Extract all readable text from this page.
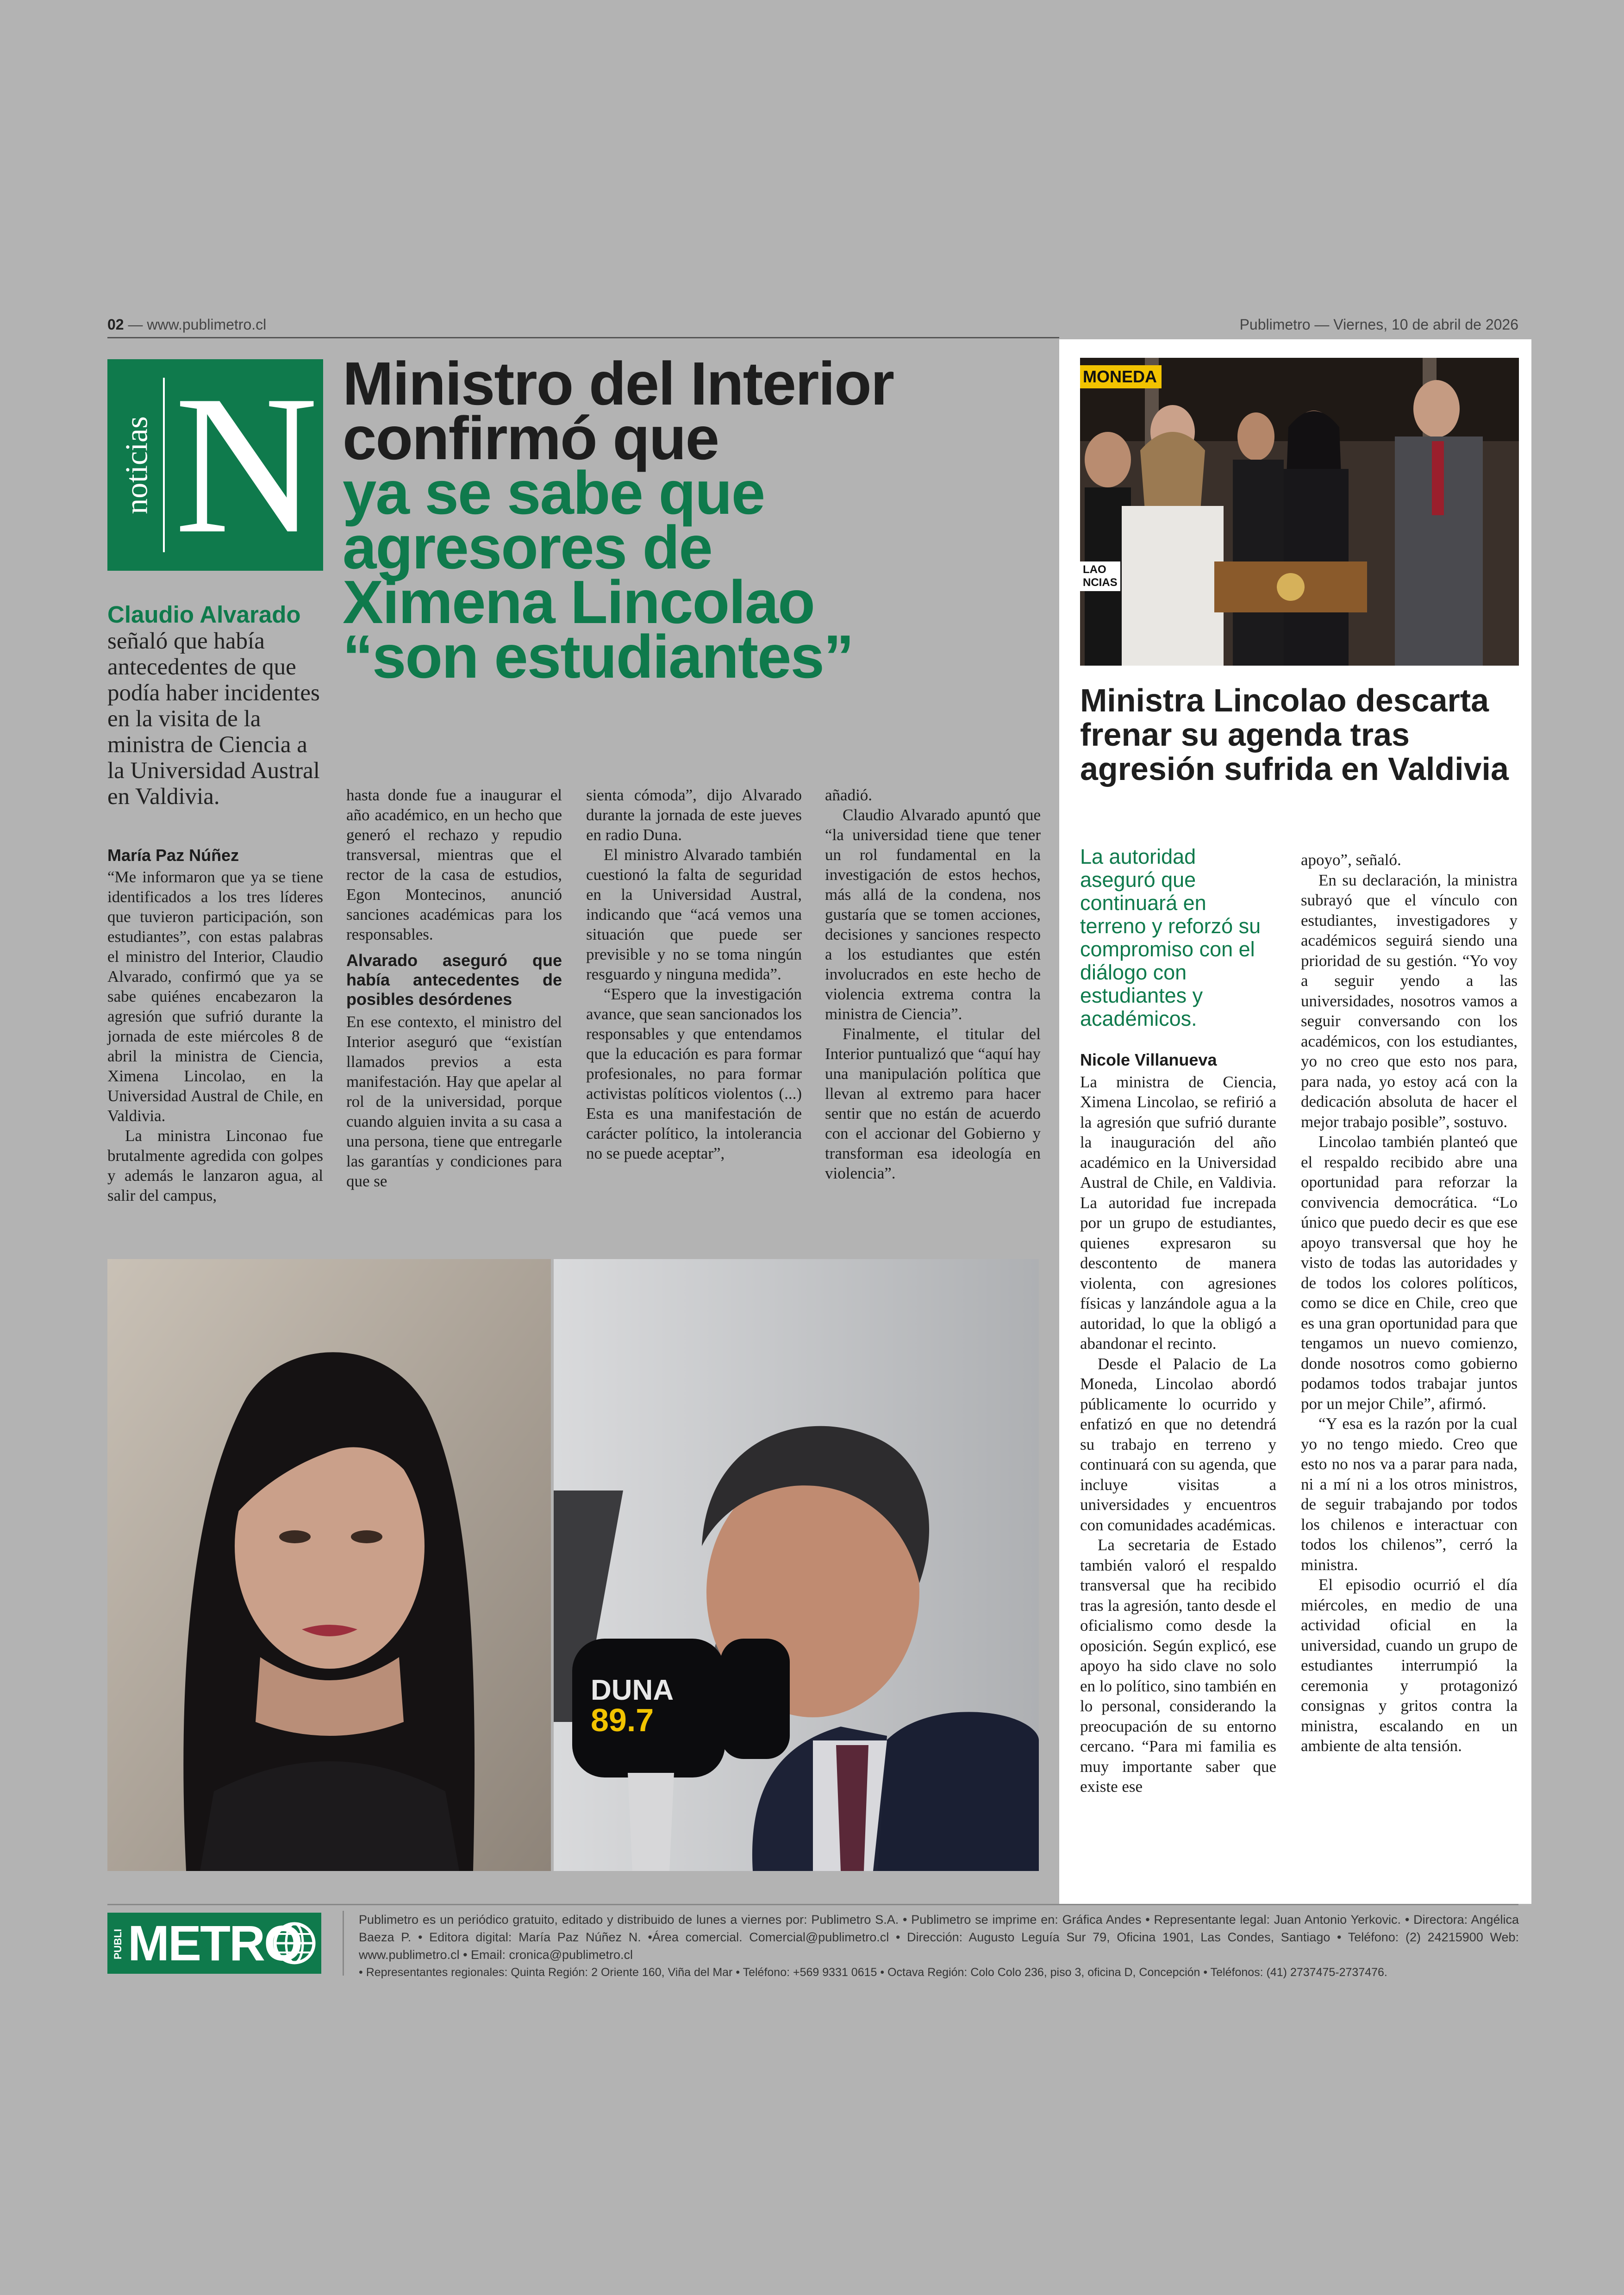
02 — www.publimetro.cl	Publimetro — Viernes, 10 de abril de 2026
noticias N Ministro del Interior
confirmó que
ya se sabe que
agresores de
Ximena Lincolao
“son estudiantes”
Claudio Alvarado señaló que había antecedentes de que podía haber incidentes en la visita de la ministra de Ciencia a la Universidad Austral en Valdivia.
María Paz Núñez

“Me informaron que ya se tiene identificados a los tres líderes que tuvieron participación, son estudiantes”, con estas palabras el ministro del Interior, Claudio Alvarado, confirmó que ya se sabe quiénes encabezaron la agresión que sufrió durante la jornada de este miércoles 8 de abril la ministra de Ciencia, Ximena Lincolao, en la Universidad Austral de Chile, en Valdivia.

La ministra Linconao fue brutalmente agredida con golpes y además le lanzaron agua, al salir del campus,

hasta donde fue a inaugurar el año académico, en un hecho que generó el rechazo y repudio transversal, mientras que el rector de la casa de estudios, Egon Montecinos, anunció sanciones académicas para los responsables.

Alvarado aseguró que había antecedentes de posibles desórdenes

En ese contexto, el ministro del Interior aseguró que “existían llamados previos a esta manifestación. Hay que apelar al rol de la universidad, porque cuando alguien invita a su casa a una persona, tiene que entregarle las garantías y condiciones para que se

sienta cómoda”, dijo Alvarado durante la jornada de este jueves en radio Duna.

El ministro Alvarado también cuestionó la falta de seguridad en la Universidad Austral, indicando que “acá vemos una situación que puede ser previsible y no se toma ningún resguardo y ninguna medida”.

“Espero que la investigación avance, que sean sancionados los responsables y que entendamos que la educación es para formar profesionales, no para formar activistas políticos violentos (...) Esta es una manifestación de carácter político, la intolerancia no se puede aceptar”,

añadió.

Claudio Alvarado apuntó que “la universidad tiene que tener un rol fundamental en la investigación de estos hechos, más allá de la condena, nos gustaría que se tomen acciones, decisiones y sanciones respecto a los estudiantes que estén involucrados en este hecho de violencia extrema contra la ministra de Ciencia”.

Finalmente, el titular del Interior puntualizó que “aquí hay una manipulación política que llevan al extremo para hacer sentir que no están de acuerdo con el accionar del Gobierno y transforman esa ideología en violencia”.

DUNA
89.7
MONEDA
LAO
NCIAS
Ministra Lincolao descarta frenar su agenda tras agresión sufrida en Valdivia
La autoridad aseguró que continuará en terreno y reforzó su compromiso con el diálogo con estudiantes y académicos.
Nicole Villanueva

La ministra de Ciencia, Ximena Lincolao, se refirió a la agresión que sufrió durante la inauguración del año académico en la Universidad Austral de Chile, en Valdivia. La autoridad fue increpada por un grupo de estudiantes, quienes expresaron su descontento de manera violenta, con agresiones físicas y lanzándole agua a la autoridad, lo que la obligó a abandonar el recinto.

Desde el Palacio de La Moneda, Lincolao abordó públicamente lo ocurrido y enfatizó en que no detendrá su trabajo en terreno y continuará con su agenda, que incluye visitas a universidades y encuentros con comunidades académicas.

La secretaria de Estado también valoró el respaldo transversal que ha recibido tras la agresión, tanto desde el oficialismo como desde la oposición. Según explicó, ese apoyo ha sido clave no solo en lo político, sino también en lo personal, considerando la preocupación de su entorno cercano. “Para mi familia es muy importante saber que existe ese

apoyo”, señaló.

En su declaración, la ministra subrayó que el vínculo con estudiantes, investigadores y académicos seguirá siendo una prioridad de su gestión. “Yo voy a seguir yendo a las universidades, nosotros vamos a seguir conversando con los académicos, con los estudiantes, yo no creo que esto nos para, para nada, yo estoy acá con la dedicación absoluta de hacer el mejor trabajo posible”, sostuvo.

Lincolao también planteó que el respaldo recibido abre una oportunidad para reforzar la convivencia democrática. “Lo único que puedo decir es que ese apoyo transversal que hoy he visto de todas las autoridades y de todos los colores políticos, como se dice en Chile, creo que es una gran oportunidad para que tengamos un nuevo comienzo, donde nosotros como gobierno podamos todos trabajar juntos por un mejor Chile”, afirmó.

“Y esa es la razón por la cual yo no tengo miedo. Creo que esto no nos va a parar para nada, ni a mí ni a los otros ministros, de seguir trabajando por todos los chilenos e interactuar con todos los chilenos”, cerró la ministra.

El episodio ocurrió el día miércoles, en medio de una actividad oficial en la universidad, cuando un grupo de estudiantes interrumpió la ceremonia y protagonizó consignas y gritos contra la ministra, escalando en un ambiente de alta tensión.

PUBLI METRO	Publimetro es un periódico gratuito, editado y distribuido de lunes a viernes por: Publimetro S.A. • Publimetro se imprime en: Gráfica Andes • Representante legal: Juan Antonio Yerkovic. • Directora: Angélica Baeza P. • Editora digital: María Paz Núñez N. •Área comercial. Comercial@publimetro.cl • Dirección: Augusto Leguía Sur 79, Oficina 1901, Las Condes, Santiago • Teléfono: (2) 24215900 Web: www.publimetro.cl • Email: cronica@publimetro.cl
• Representantes regionales: Quinta Región: 2 Oriente 160, Viña del Mar • Teléfono: +569 9331 0615 • Octava Región: Colo Colo 236, piso 3, oficina D, Concepción • Teléfonos: (41) 2737475-2737476.
